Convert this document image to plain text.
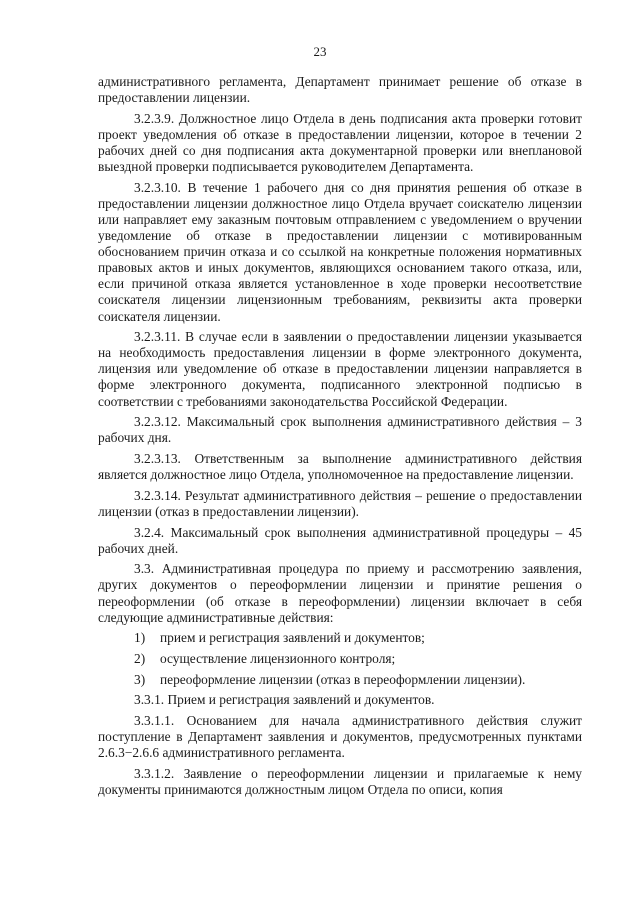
23

административного регламента, Департамент принимает решение об отказе в предоставлении лицензии.

3.2.3.9. Должностное лицо Отдела в день подписания акта проверки готовит проект уведомления об отказе в предоставлении лицензии, которое в течении 2 рабочих дней со дня подписания акта документарной проверки или внеплановой выездной проверки подписывается руководителем Департамента.

3.2.3.10. В течение 1 рабочего дня со дня принятия решения об отказе в предоставлении лицензии должностное лицо Отдела вручает соискателю лицензии или направляет ему заказным почтовым отправлением с уведомлением о вручении уведомление об отказе в предоставлении лицензии с мотивированным обоснованием причин отказа и со ссылкой на конкретные положения нормативных правовых актов и иных документов, являющихся основанием такого отказа, или, если причиной отказа является установленное в ходе проверки несоответствие соискателя лицензии лицензионным требованиям, реквизиты акта проверки соискателя лицензии.

3.2.3.11. В случае если в заявлении о предоставлении лицензии указывается на необходимость предоставления лицензии в форме электронного документа, лицензия или уведомление об отказе в предоставлении лицензии направляется в форме электронного документа, подписанного электронной подписью в соответствии с требованиями законодательства Российской Федерации.

3.2.3.12. Максимальный срок выполнения административного действия – 3 рабочих дня.

3.2.3.13. Ответственным за выполнение административного действия является должностное лицо Отдела, уполномоченное на предоставление лицензии.

3.2.3.14. Результат административного действия – решение о предоставлении лицензии (отказ в предоставлении лицензии).

3.2.4. Максимальный срок выполнения административной процедуры – 45 рабочих дней.

3.3. Административная процедура по приему и рассмотрению заявления, других документов о переоформлении лицензии и принятие решения о переоформлении (об отказе в переоформлении) лицензии включает в себя следующие административные действия:

1)	прием и регистрация заявлений и документов;
2)	осуществление лицензионного контроля;
3)	переоформление лицензии (отказ в переоформлении лицензии).

3.3.1. Прием и регистрация заявлений и документов.

3.3.1.1. Основанием для начала административного действия служит поступление в Департамент заявления и документов, предусмотренных пунктами 2.6.3−2.6.6 административного регламента.

3.3.1.2. Заявление о переоформлении лицензии и прилагаемые к нему документы принимаются должностным лицом Отдела по описи, копия
